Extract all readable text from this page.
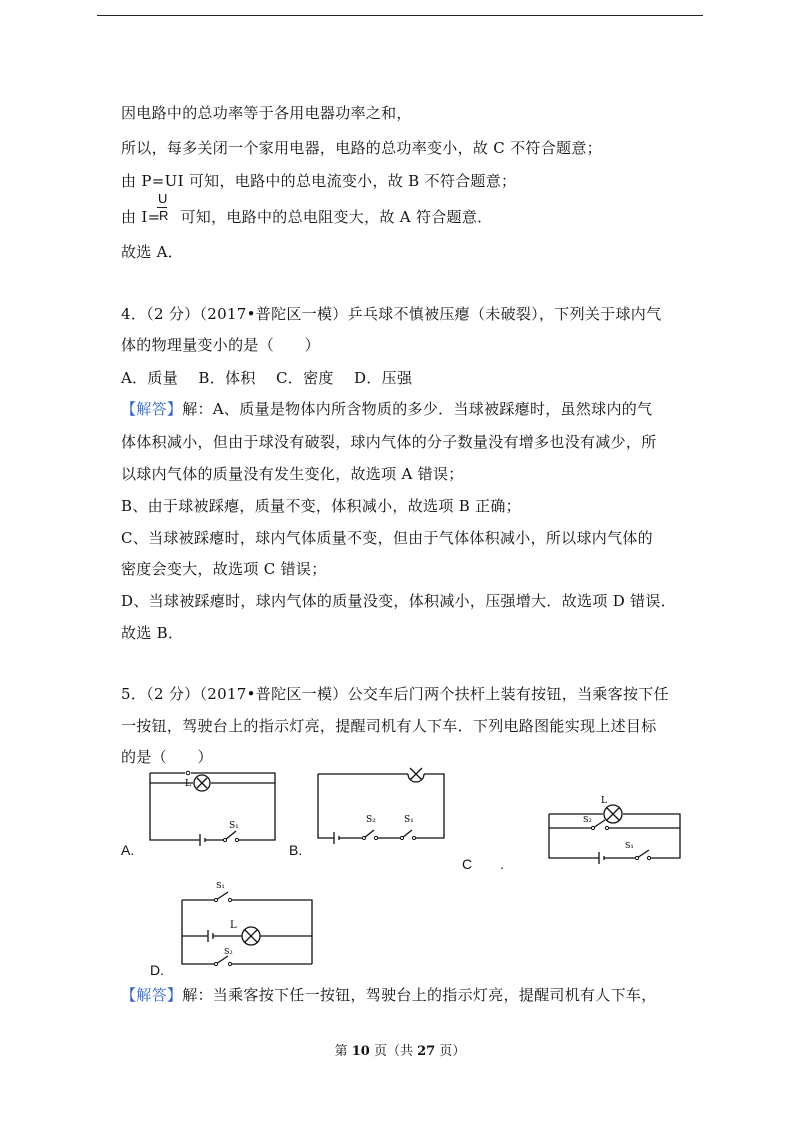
因电路中的总功率等于各用电器功率之和，
所以，每多关闭一个家用电器，电路的总功率变小，故 C 不符合题意；
由 P=UI 可知，电路中的总电流变小，故 B 不符合题意；
由 I= 可知，电路中的总电阻变大，故 A 符合题意．
U
R
故选 A．
4．（2 分）（2017•普陀区一模）乒乓球不慎被压瘪（未破裂），下列关于球内气
体的物理量变小的是（　　）
A．质量　 B．体积　 C．密度　 D．压强
【解答】解：A、质量是物体内所含物质的多少．当球被踩瘪时，虽然球内的气
体体积减小，但由于球没有破裂，球内气体的分子数量没有增多也没有减少，所
以球内气体的质量没有发生变化，故选项 A 错误；
B、由于球被踩瘪，质量不变，体积减小，故选项 B 正确；
C、当球被踩瘪时，球内气体质量不变，但由于气体体积减小，所以球内气体的
密度会变大，故选项 C 错误；
D、当球被踩瘪时，球内气体的质量没变，体积减小，压强增大．故选项 D 错误．
故选 B．
5．（2 分）（2017•普陀区一模）公交车后门两个扶杆上装有按钮，当乘客按下任
一按钮，驾驶台上的指示灯亮，提醒司机有人下车．下列电路图能实现上述目标
的是（　　）
A.	B.
C .
D.
L
S₁
S₂	S₁
L
S₂
S₁
S₁
L
S₂
【解答】解：当乘客按下任一按钮，驾驶台上的指示灯亮，提醒司机有人下车，
第 10 页（共 27 页）
